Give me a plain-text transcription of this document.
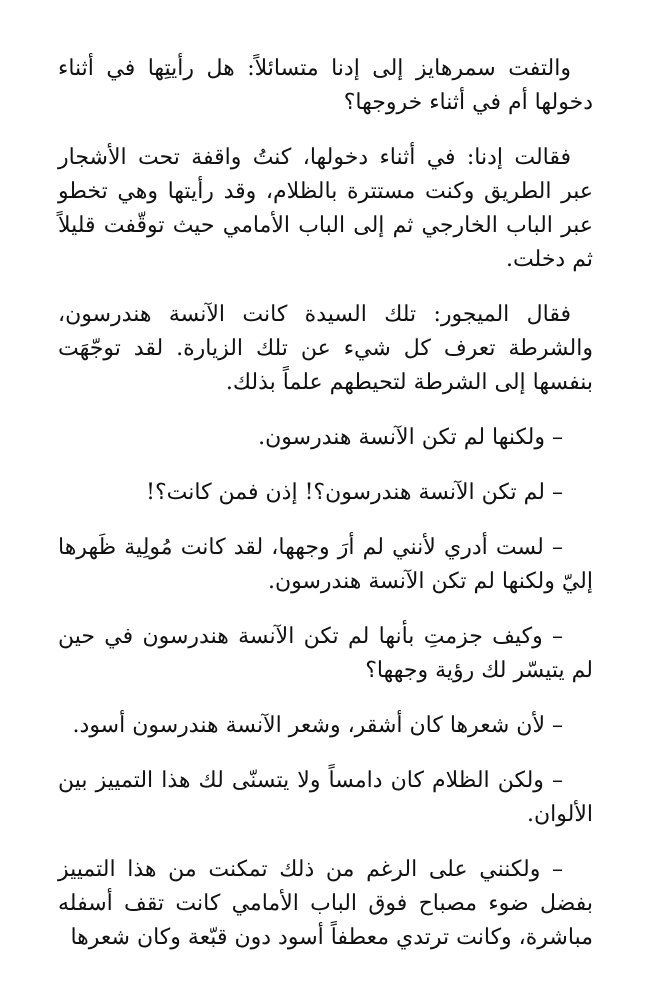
والتفت سمرهايز إلى إدنا متسائلاً: هل رأيتِها في أثناء دخولها أم في أثناء خروجها؟

فقالت إدنا: في أثناء دخولها، كنتُ واقفة تحت الأشجار عبر الطريق وكنت مستترة بالظلام، وقد رأيتها وهي تخطو عبر الباب الخارجي ثم إلى الباب الأمامي حيث توقّفت قليلاً ثم دخلت.

فقال الميجور: تلك السيدة كانت الآنسة هندرسون، والشرطة تعرف كل شيء عن تلك الزيارة. لقد توجّهَت بنفسها إلى الشرطة لتحيطهم علماً بذلك.

– ولكنها لم تكن الآنسة هندرسون.

– لم تكن الآنسة هندرسون؟! إذن فمن كانت؟!

– لست أدري لأنني لم أرَ وجهها، لقد كانت مُولِية ظَهرها إليّ ولكنها لم تكن الآنسة هندرسون.

– وكيف جزمتِ بأنها لم تكن الآنسة هندرسون في حين لم يتيسّر لك رؤية وجهها؟

– لأن شعرها كان أشقر، وشعر الآنسة هندرسون أسود.

– ولكن الظلام كان دامساً ولا يتسنّى لك هذا التمييز بين الألوان.

– ولكنني على الرغم من ذلك تمكنت من هذا التمييز بفضل ضوء مصباح فوق الباب الأمامي كانت تقف أسفله مباشرة، وكانت ترتدي معطفاً أسود دون قبّعة وكان شعرها
